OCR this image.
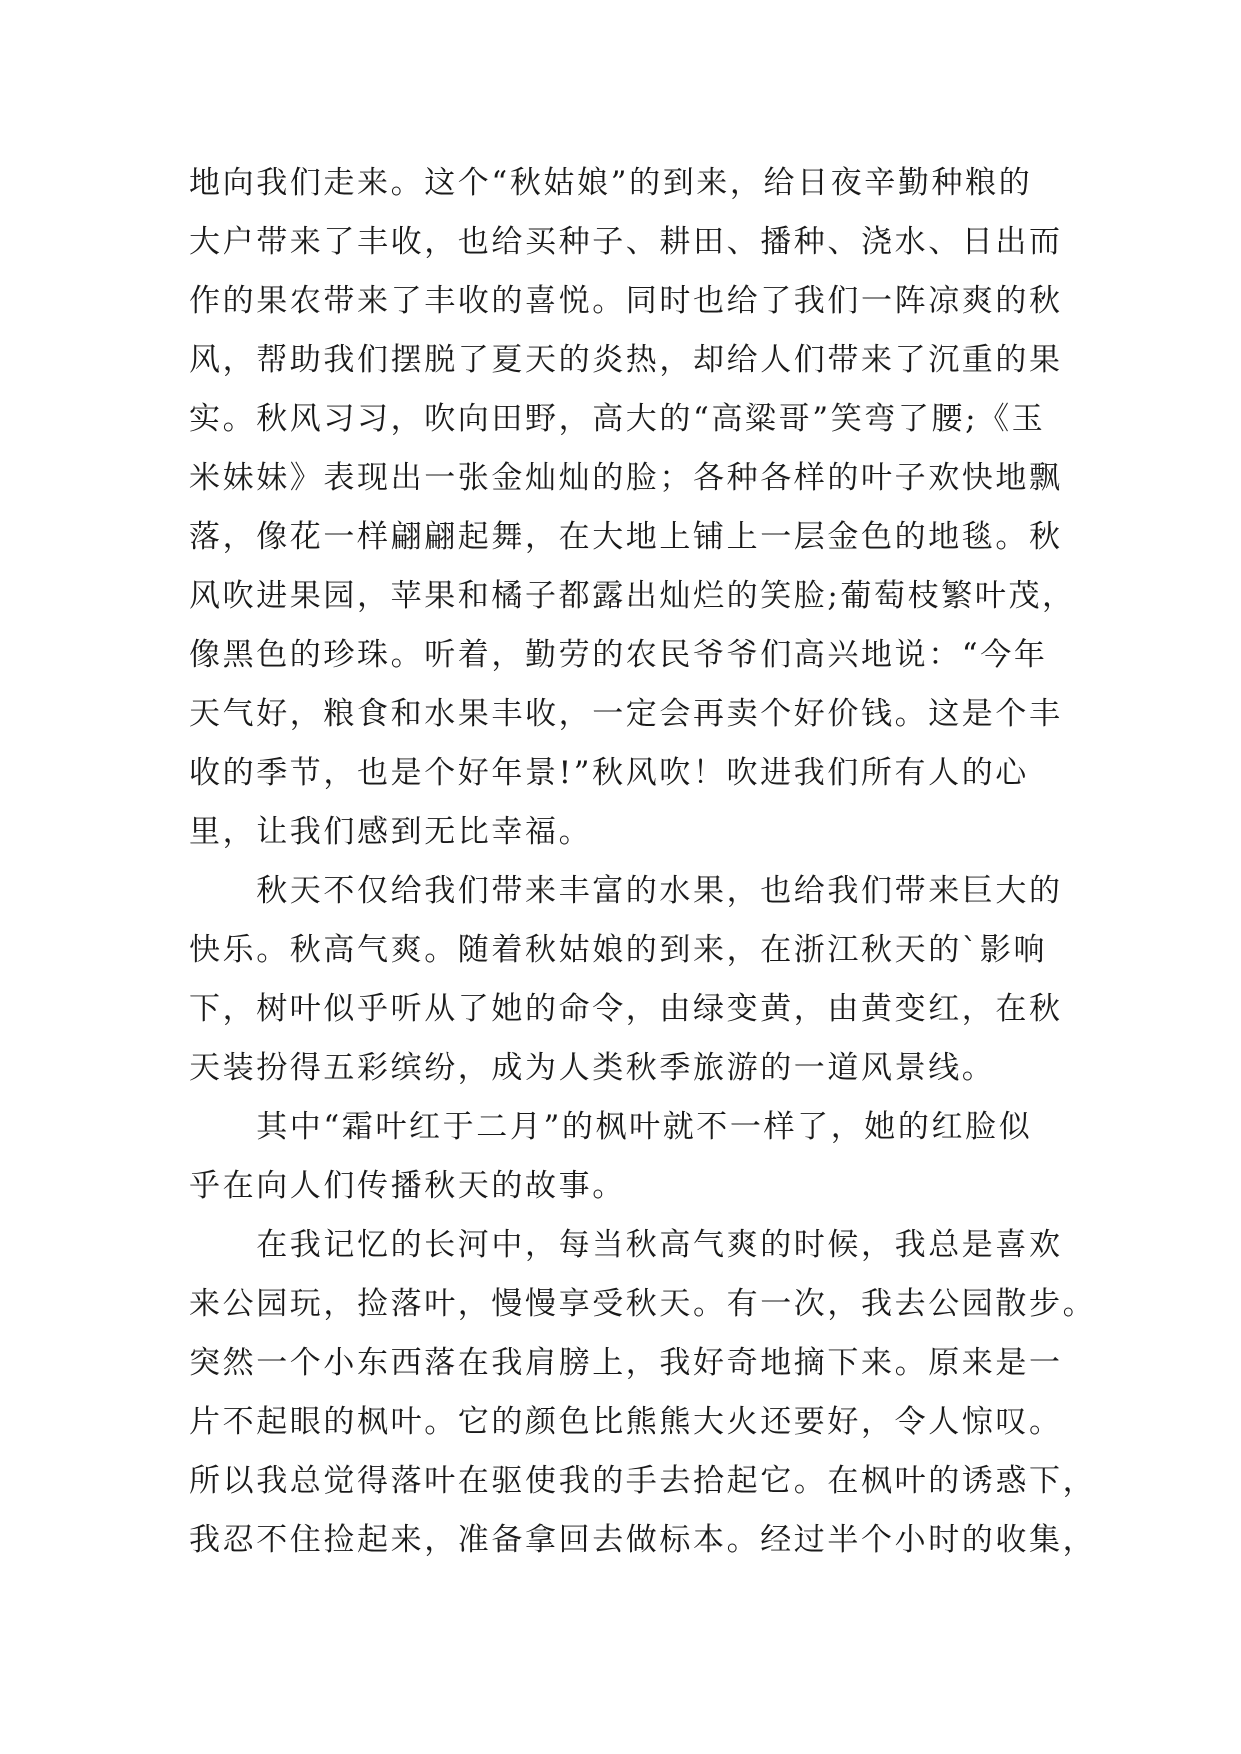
地向我们走来。这个“秋姑娘”的到来，给日夜辛勤种粮的
大户带来了丰收，也给买种子、耕田、播种、浇水、日出而
作的果农带来了丰收的喜悦。同时也给了我们一阵凉爽的秋
风，帮助我们摆脱了夏天的炎热，却给人们带来了沉重的果
实。秋风习习，吹向田野，高大的“高粱哥”笑弯了腰;《玉
米妹妹》表现出一张金灿灿的脸；各种各样的叶子欢快地飘
落，像花一样翩翩起舞，在大地上铺上一层金色的地毯。秋
风吹进果园，苹果和橘子都露出灿烂的笑脸;葡萄枝繁叶茂，
像黑色的珍珠。听着，勤劳的农民爷爷们高兴地说：“今年
天气好，粮食和水果丰收，一定会再卖个好价钱。这是个丰
收的季节，也是个好年景!”秋风吹！吹进我们所有人的心
里，让我们感到无比幸福。
　　秋天不仅给我们带来丰富的水果，也给我们带来巨大的
快乐。秋高气爽。随着秋姑娘的到来，在浙江秋天的`影响
下，树叶似乎听从了她的命令，由绿变黄，由黄变红，在秋
天装扮得五彩缤纷，成为人类秋季旅游的一道风景线。
　　其中“霜叶红于二月”的枫叶就不一样了，她的红脸似
乎在向人们传播秋天的故事。
　　在我记忆的长河中，每当秋高气爽的时候，我总是喜欢
来公园玩，捡落叶，慢慢享受秋天。有一次，我去公园散步。
突然一个小东西落在我肩膀上，我好奇地摘下来。原来是一
片不起眼的枫叶。它的颜色比熊熊大火还要好，令人惊叹。
所以我总觉得落叶在驱使我的手去拾起它。在枫叶的诱惑下，
我忍不住捡起来，准备拿回去做标本。经过半个小时的收集，
